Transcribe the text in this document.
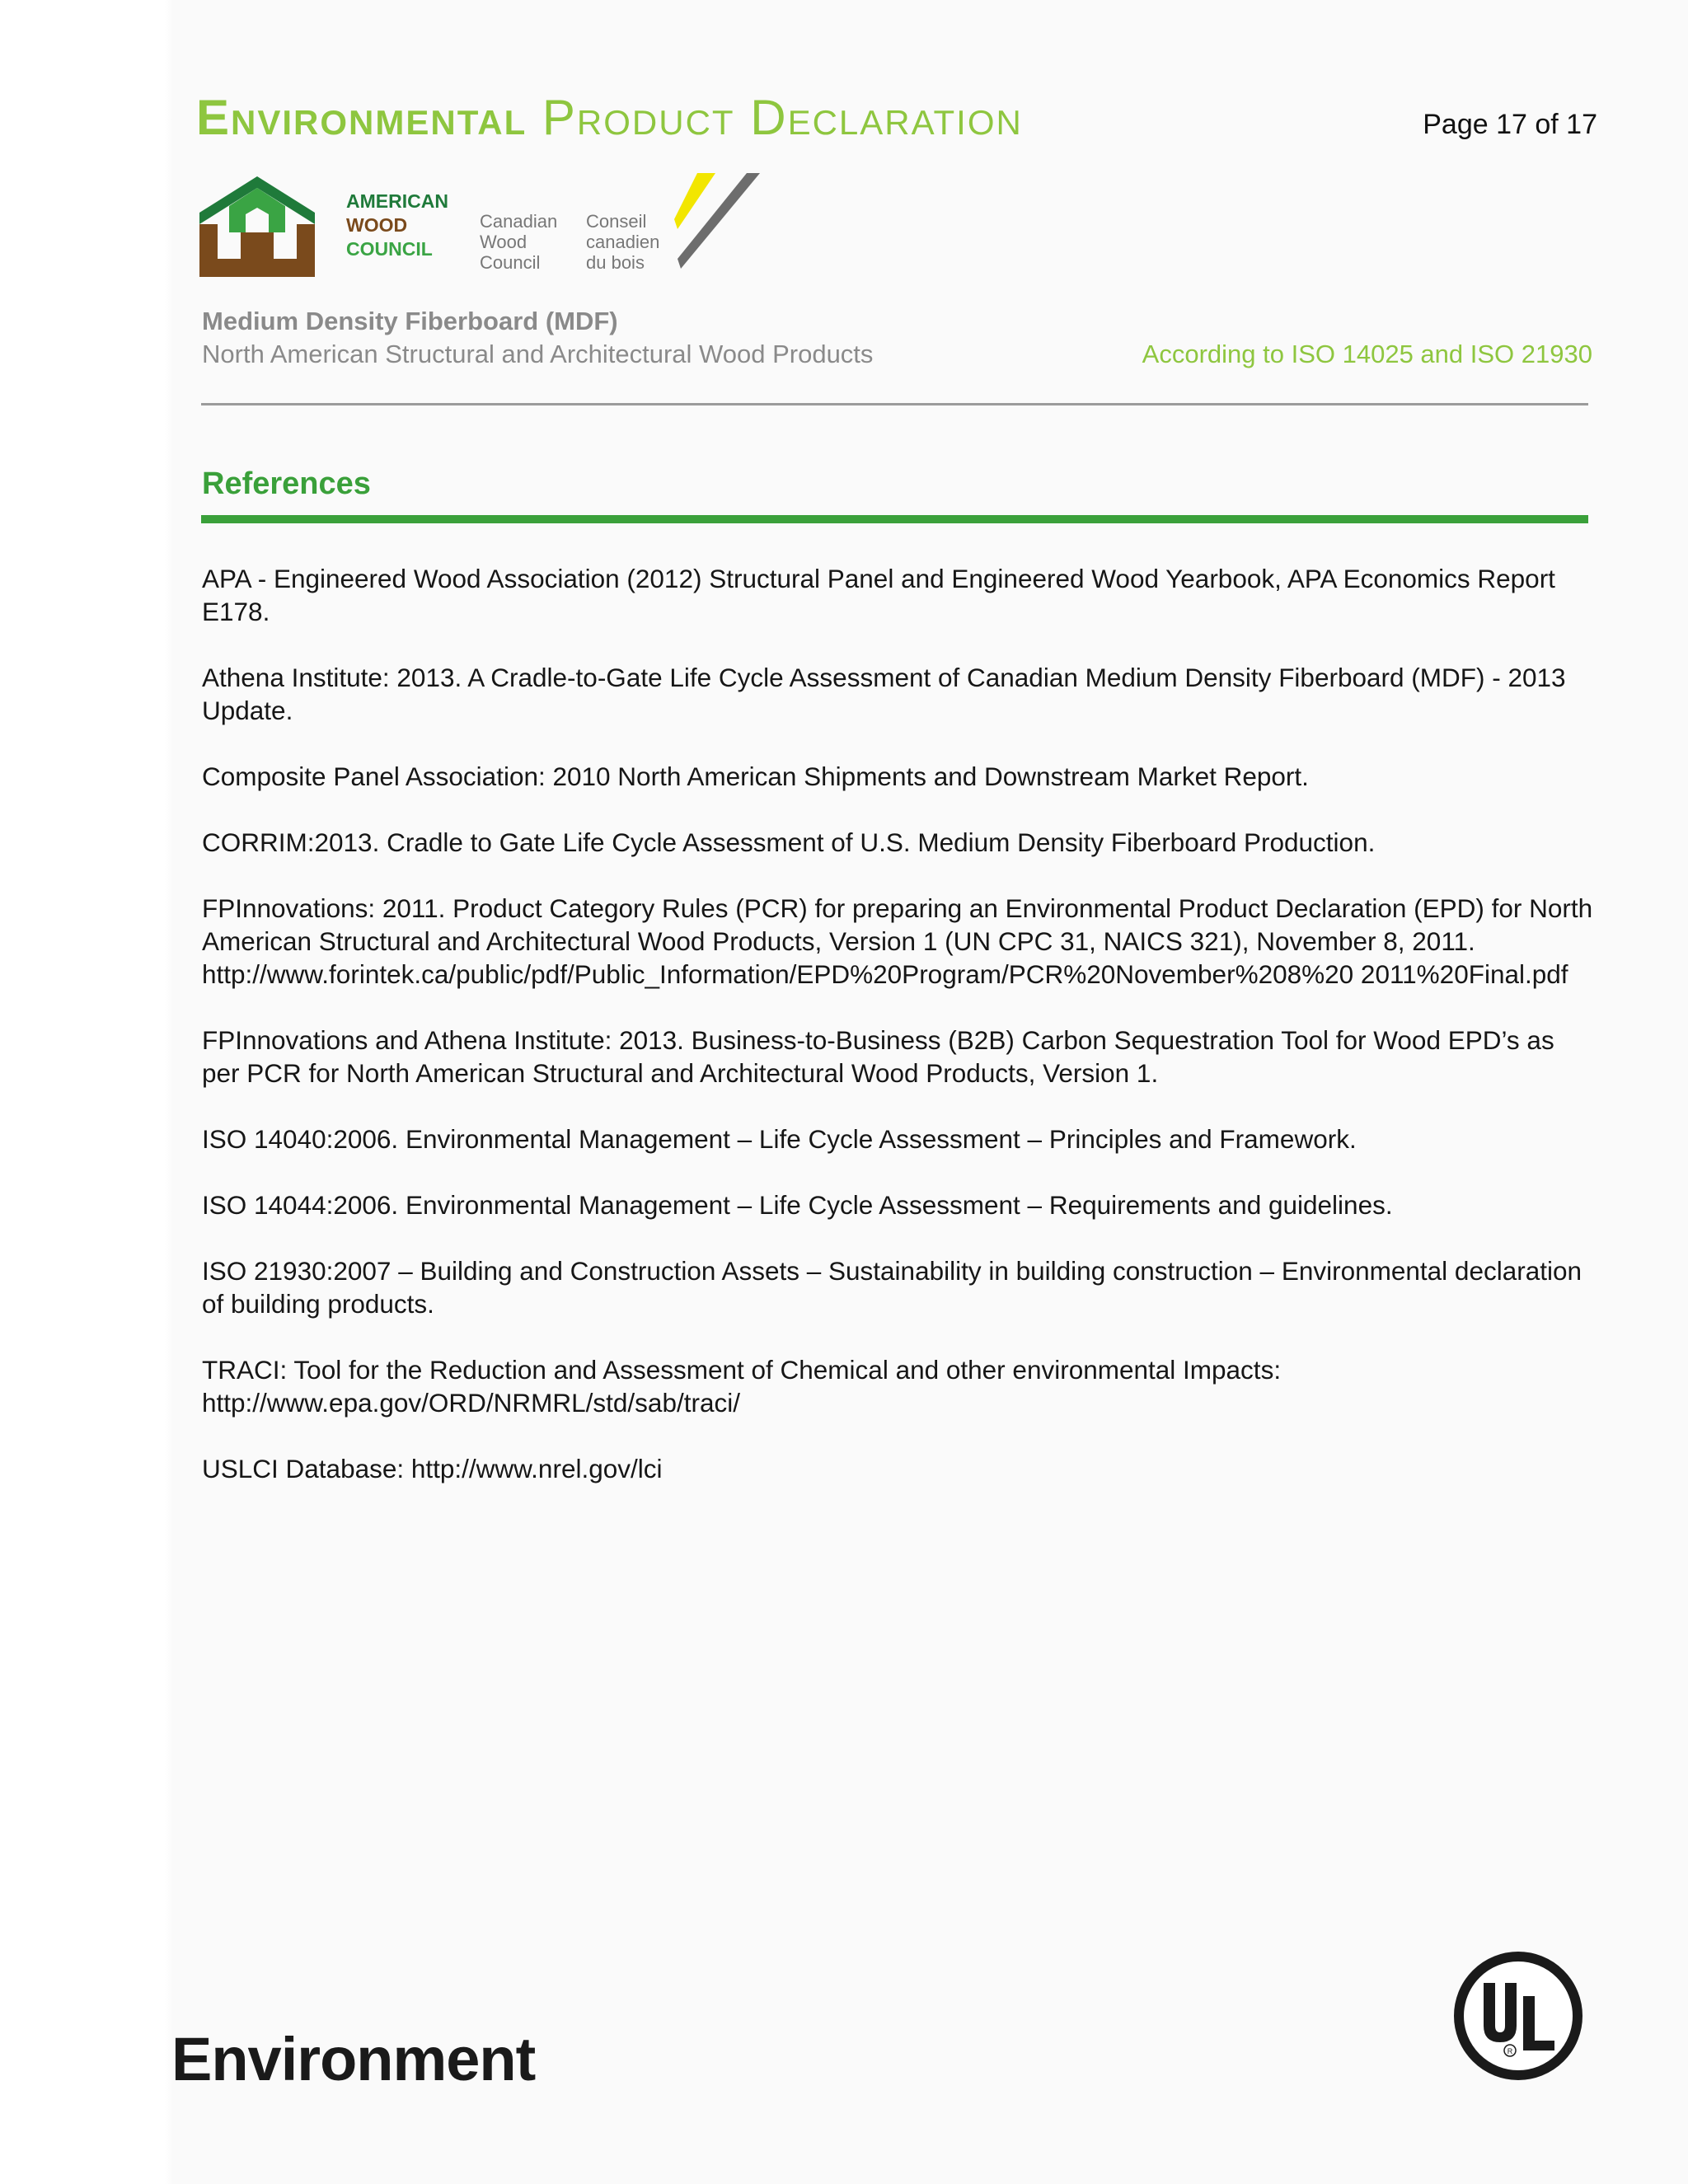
Environmental Product Declaration	Page 17 of 17
AMERICAN
WOOD
COUNCIL
Canadian
Wood
Council
Conseil
canadien
du bois
Medium Density Fiberboard (MDF)
North American Structural and Architectural Wood Products	According to ISO 14025 and ISO 21930
References

APA - Engineered Wood Association (2012) Structural Panel and Engineered Wood Yearbook, APA Economics Report E178.

Athena Institute: 2013. A Cradle-to-Gate Life Cycle Assessment of Canadian Medium Density Fiberboard (MDF) - 2013 Update.

Composite Panel Association: 2010 North American Shipments and Downstream Market Report.

CORRIM:2013. Cradle to Gate Life Cycle Assessment of U.S. Medium Density Fiberboard Production.

FPInnovations: 2011. Product Category Rules (PCR) for preparing an Environmental Product Declaration (EPD) for North American Structural and Architectural Wood Products, Version 1 (UN CPC 31, NAICS 321), November 8, 2011. http://www.forintek.ca/public/pdf/Public_Information/EPD%20Program/PCR%20November%208%20 2011%20Final.pdf

FPInnovations and Athena Institute: 2013. Business-to-Business (B2B) Carbon Sequestration Tool for Wood EPD’s as per PCR for North American Structural and Architectural Wood Products, Version 1.

ISO 14040:2006. Environmental Management – Life Cycle Assessment – Principles and Framework.

ISO 14044:2006. Environmental Management – Life Cycle Assessment – Requirements and guidelines.

ISO 21930:2007 – Building and Construction Assets – Sustainability in building construction – Environmental declaration of building products.

TRACI: Tool for the Reduction and Assessment of Chemical and other environmental Impacts: http://www.epa.gov/ORD/NRMRL/std/sab/traci/

USLCI Database: http://www.nrel.gov/lci

Environment	R
